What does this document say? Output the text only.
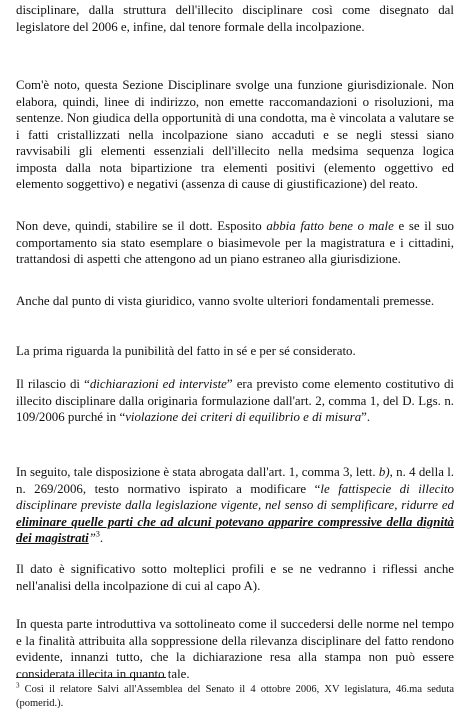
disciplinare, dalla struttura dell'illecito disciplinare così come disegnato dal legislatore del 2006 e, infine, dal tenore formale della incolpazione.

Com'è noto, questa Sezione Disciplinare svolge una funzione giurisdizionale. Non elabora, quindi, linee di indirizzo, non emette raccomandazioni o risoluzioni, ma sentenze. Non giudica della opportunità di una condotta, ma è vincolata a valutare se i fatti cristallizzati nella incolpazione siano accaduti e se negli stessi siano ravvisabili gli elementi essenziali dell'illecito nella medsima sequenza logica imposta dalla nota bipartizione tra elementi positivi (elemento oggettivo ed elemento soggettivo) e negativi (assenza di cause di giustificazione) del reato.

Non deve, quindi, stabilire se il dott. Esposito abbia fatto bene o male e se il suo comportamento sia stato esemplare o biasimevole per la magistratura e i cittadini, trattandosi di aspetti che attengono ad un piano estraneo alla giurisdizione.

Anche dal punto di vista giuridico, vanno svolte ulteriori fondamentali premesse.

La prima riguarda la punibilità del fatto in sé e per sé considerato.

Il rilascio di “dichiarazioni ed interviste” era previsto come elemento costitutivo di illecito disciplinare dalla originaria formulazione dall'art. 2, comma 1, del D. Lgs. n. 109/2006 purché in “violazione dei criteri di equilibrio e di misura”.

In seguito, tale disposizione è stata abrogata dall'art. 1, comma 3, lett. b), n. 4 della l. n. 269/2006, testo normativo ispirato a modificare “le fattispecie di illecito disciplinare previste dalla legislazione vigente, nel senso di semplificare, ridurre ed eliminare quelle parti che ad alcuni potevano apparire compressive della dignità dei magistrati”$^3$.

Il dato è significativo sotto molteplici profili e se ne vedranno i riflessi anche nell'analisi della incolpazione di cui al capo A).

In questa parte introduttiva va sottolineato come il succedersi delle norme nel tempo e la finalità attribuita alla soppressione della rilevanza disciplinare del fatto rendono evidente, innanzi tutto, che la dichiarazione resa alla stampa non può essere considerata illecita in quanto tale.

$^3$ Così il relatore Salvi all'Assemblea del Senato il 4 ottobre 2006, XV legislatura, 46.ma seduta (pomerid.).
